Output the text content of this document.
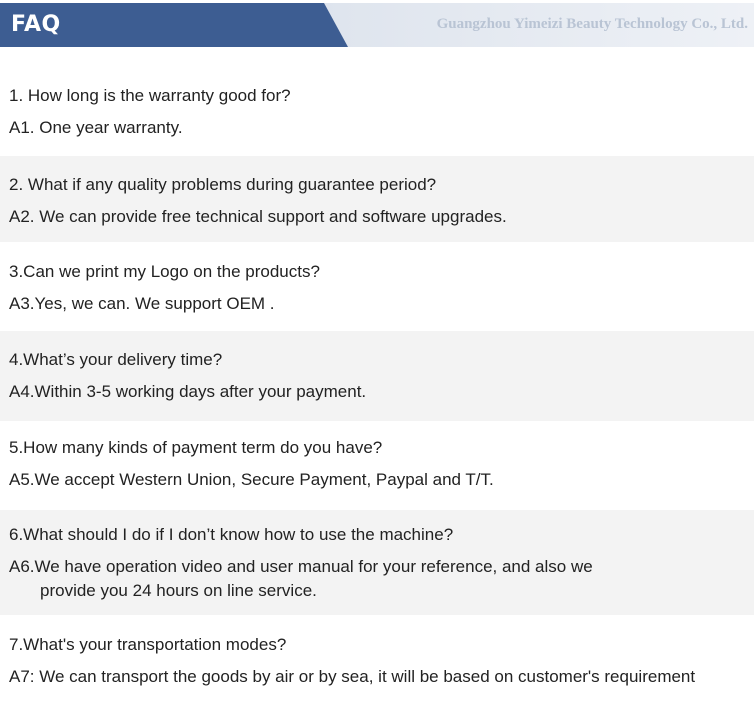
FAQ	Guangzhou Yimeizi Beauty Technology Co., Ltd.
1. How long is the warranty good for?
A1. One year warranty.
2. What if any quality problems during guarantee period?
A2. We can provide free technical support and software upgrades.
3.Can we print my Logo on the products?
A3.Yes, we can. We support OEM .
4.What’s your delivery time?
A4.Within 3-5 working days after your payment.
5.How many kinds of payment term do you have?
A5.We accept Western Union, Secure Payment, Paypal and T/T.
6.What should I do if I don’t know how to use the machine?
A6.We have operation video and user manual for your reference, and also we
provide you 24 hours on line service.
7.What's your transportation modes?
A7: We can transport the goods by air or by sea, it will be based on customer's requirement
